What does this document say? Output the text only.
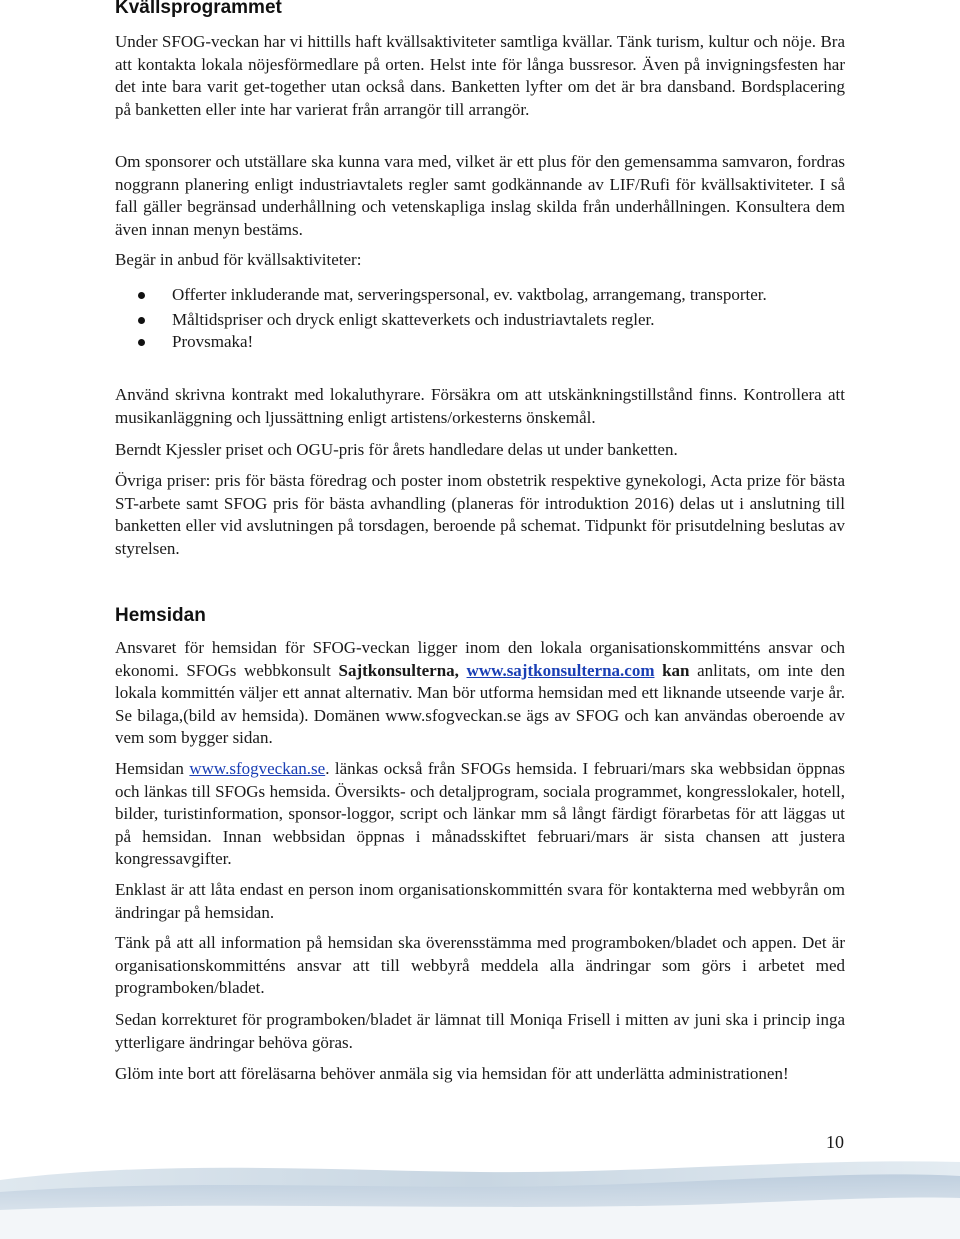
Kvällsprogrammet

Under SFOG-veckan har vi hittills haft kvällsaktiviteter samtliga kvällar. Tänk turism, kultur och nöje. Bra att kontakta lokala nöjesförmedlare på orten. Helst inte för långa bussresor. Även på invigningsfesten har det inte bara varit get-together utan också dans. Banketten lyfter om det är bra dansband. Bordsplacering på banketten eller inte har varierat från arrangör till arrangör.

Om sponsorer och utställare ska kunna vara med, vilket är ett plus för den gemensamma samvaron, fordras noggrann planering enligt industriavtalets regler samt godkännande av LIF/Rufi för kvällsaktiviteter. I så fall gäller begränsad underhållning och vetenskapliga inslag skilda från underhållningen. Konsultera dem även innan menyn bestäms.

Begär in anbud för kvällsaktiviteter:

Offerter inkluderande mat, serveringspersonal, ev. vaktbolag, arrangemang, transporter.
Måltidspriser och dryck enligt skatteverkets och industriavtalets regler.
Provsmaka!

Använd skrivna kontrakt med lokaluthyrare. Försäkra om att utskänkningstillstånd finns. Kontrollera att musikanläggning och ljussättning enligt artistens/orkesterns önskemål.

Berndt Kjessler priset och OGU-pris för årets handledare delas ut under banketten.

Övriga priser: pris för bästa föredrag och poster inom obstetrik respektive gynekologi, Acta prize för bästa ST-arbete samt SFOG pris för bästa avhandling (planeras för introduktion 2016) delas ut i anslutning till banketten eller vid avslutningen på torsdagen, beroende på schemat. Tidpunkt för prisutdelning beslutas av styrelsen.

Hemsidan

Ansvaret för hemsidan för SFOG-veckan ligger inom den lokala organisationskommitténs ansvar och ekonomi. SFOGs webbkonsult Sajtkonsulterna, www.sajtkonsulterna.com kan anlitats, om inte den lokala kommittén väljer ett annat alternativ. Man bör utforma hemsidan med ett liknande utseende varje år. Se bilaga,(bild av hemsida). Domänen www.sfogveckan.se ägs av SFOG och kan användas oberoende av vem som bygger sidan.

Hemsidan www.sfogveckan.se. länkas också från SFOGs hemsida. I februari/mars ska webbsidan öppnas och länkas till SFOGs hemsida. Översikts- och detaljprogram, sociala programmet, kongresslokaler, hotell, bilder, turistinformation, sponsor-loggor, script och länkar mm så långt färdigt förarbetas för att läggas ut på hemsidan. Innan webbsidan öppnas i månadsskiftet februari/mars är sista chansen att justera kongressavgifter.

Enklast är att låta endast en person inom organisationskommittén svara för kontakterna med webbyrån om ändringar på hemsidan.

Tänk på att all information på hemsidan ska överensstämma med programboken/bladet och appen. Det är organisationskommitténs ansvar att till webbyrå meddela alla ändringar som görs i arbetet med programboken/bladet.

Sedan korrekturet för programboken/bladet är lämnat till Moniqa Frisell i mitten av juni ska i princip inga ytterligare ändringar behöva göras.

Glöm inte bort att föreläsarna behöver anmäla sig via hemsidan för att underlätta administrationen!

10
